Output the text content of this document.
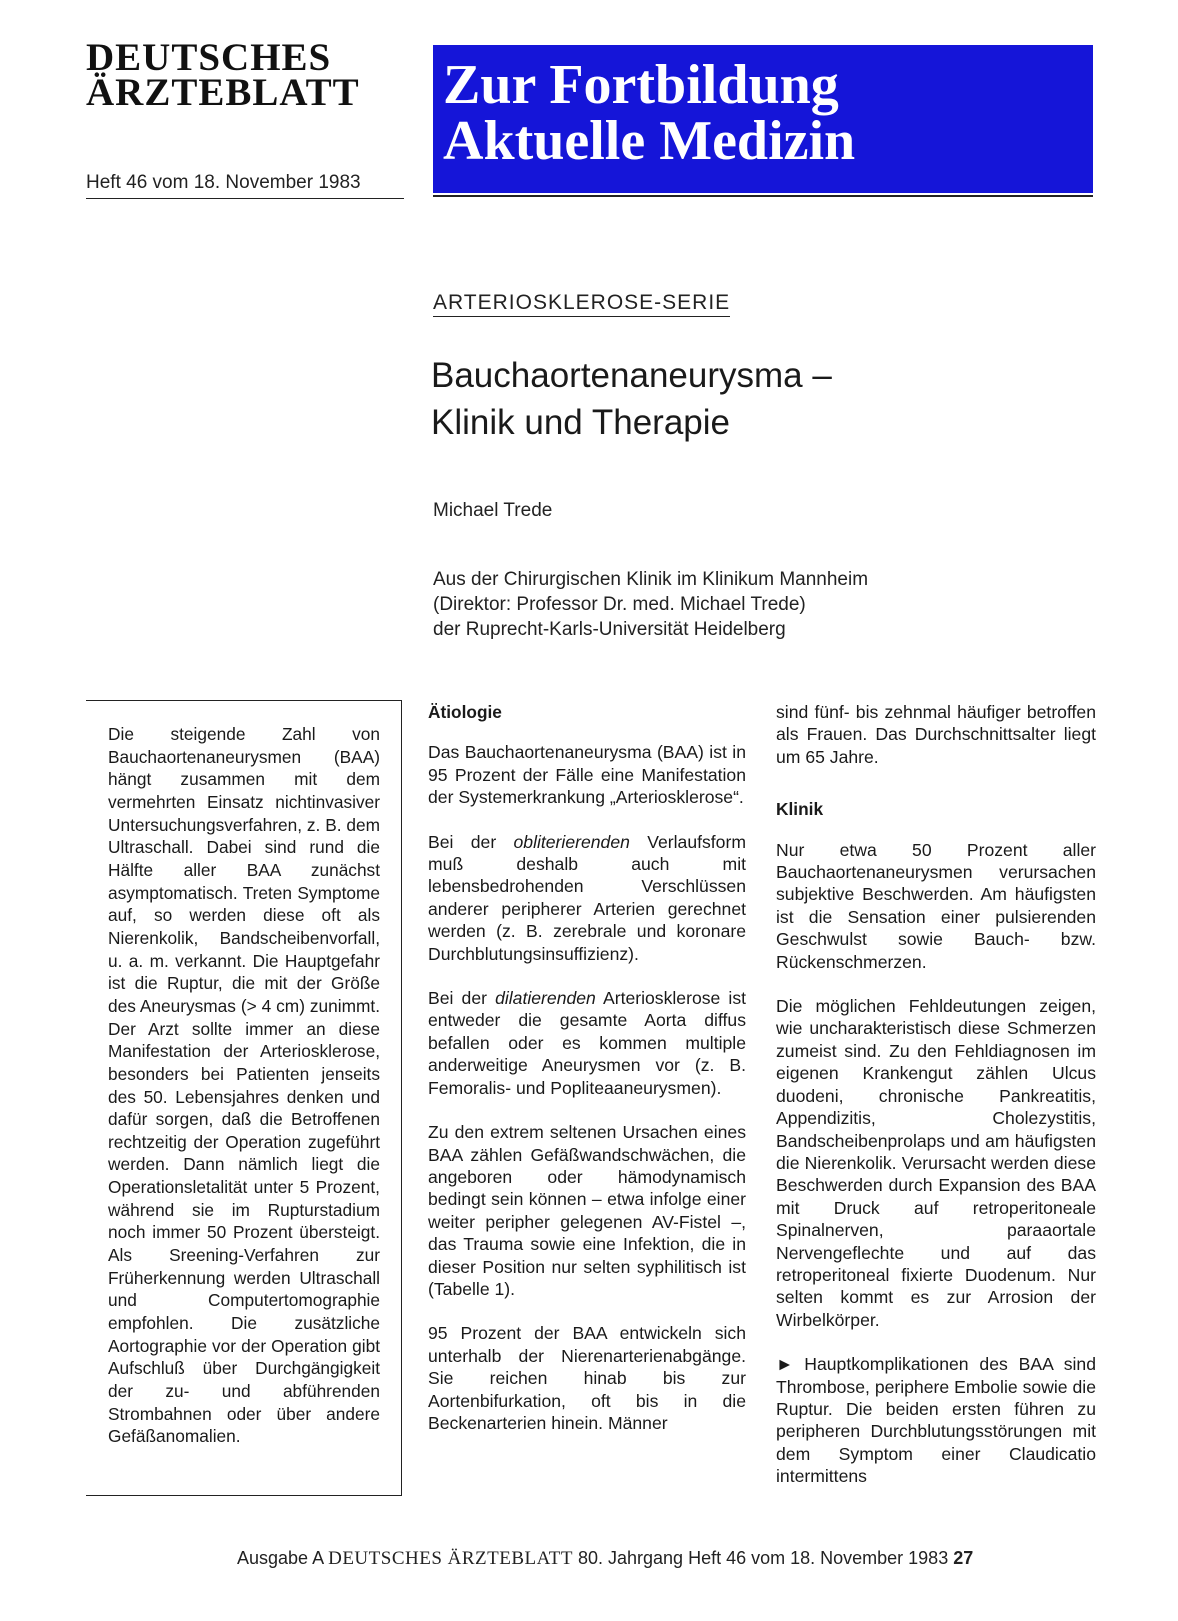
DEUTSCHES
ÄRZTEBLATT
Heft 46 vom 18. November 1983
Zur Fortbildung
Aktuelle Medizin
ARTERIOSKLEROSE-SERIE
Bauchaortenaneurysma –
Klinik und Therapie
Michael Trede
Aus der Chirurgischen Klinik im Klinikum Mannheim
(Direktor: Professor Dr. med. Michael Trede)
der Ruprecht-Karls-Universität Heidelberg

Die steigende Zahl von Bauchaortenaneurysmen (BAA) hängt zusammen mit dem vermehrten Einsatz nichtinvasiver Untersuchungsverfahren, z. B. dem Ultraschall. Dabei sind rund die Hälfte aller BAA zunächst asymptomatisch. Treten Symptome auf, so werden diese oft als Nierenkolik, Bandscheibenvorfall, u. a. m. verkannt. Die Hauptgefahr ist die Ruptur, die mit der Größe des Aneurysmas (> 4 cm) zunimmt. Der Arzt sollte immer an diese Manifestation der Arteriosklerose, besonders bei Patienten jenseits des 50. Lebensjahres denken und dafür sorgen, daß die Betroffenen rechtzeitig der Operation zugeführt werden. Dann nämlich liegt die Operationsletalität unter 5 Prozent, während sie im Rupturstadium noch immer 50 Prozent übersteigt. Als Sreening-Verfahren zur Früherkennung werden Ultraschall und Computertomographie empfohlen. Die zusätzliche Aortographie vor der Operation gibt Aufschluß über Durchgängigkeit der zu- und abführenden Strombahnen oder über andere Gefäßanomalien.

Ätiologie

Das Bauchaortenaneurysma (BAA) ist in 95 Prozent der Fälle eine Manifestation der Systemerkrankung „Arteriosklerose“.

Bei der obliterierenden Verlaufsform muß deshalb auch mit lebensbedrohenden Verschlüssen anderer peripherer Arterien gerechnet werden (z. B. zerebrale und koronare Durchblutungsinsuffizienz).

Bei der dilatierenden Arteriosklerose ist entweder die gesamte Aorta diffus befallen oder es kommen multiple anderweitige Aneurysmen vor (z. B. Femoralis- und Popliteaaneurysmen).

Zu den extrem seltenen Ursachen eines BAA zählen Gefäßwandschwächen, die angeboren oder hämodynamisch bedingt sein können – etwa infolge einer weiter peripher gelegenen AV-Fistel –, das Trauma sowie eine Infektion, die in dieser Position nur selten syphilitisch ist (Tabelle 1).

95 Prozent der BAA entwickeln sich unterhalb der Nierenarterienabgänge. Sie reichen hinab bis zur Aortenbifurkation, oft bis in die Beckenarterien hinein. Männer

sind fünf- bis zehnmal häufiger betroffen als Frauen. Das Durchschnittsalter liegt um 65 Jahre.

Klinik

Nur etwa 50 Prozent aller Bauchaortenaneurysmen verursachen subjektive Beschwerden. Am häufigsten ist die Sensation einer pulsierenden Geschwulst sowie Bauch- bzw. Rückenschmerzen.

Die möglichen Fehldeutungen zeigen, wie uncharakteristisch diese Schmerzen zumeist sind. Zu den Fehldiagnosen im eigenen Krankengut zählen Ulcus duodeni, chronische Pankreatitis, Appendizitis, Cholezystitis, Bandscheibenprolaps und am häufigsten die Nierenkolik. Verursacht werden diese Beschwerden durch Expansion des BAA mit Druck auf retroperitoneale Spinalnerven, paraaortale Nervengeflechte und auf das retroperitoneal fixierte Duodenum. Nur selten kommt es zur Arrosion der Wirbelkörper.

► Hauptkomplikationen des BAA sind Thrombose, periphere Embolie sowie die Ruptur. Die beiden ersten führen zu peripheren Durchblutungsstörungen mit dem Symptom einer Claudicatio intermittens

Ausgabe A DEUTSCHES ÄRZTEBLATT 80. Jahrgang Heft 46 vom 18. November 1983 27
